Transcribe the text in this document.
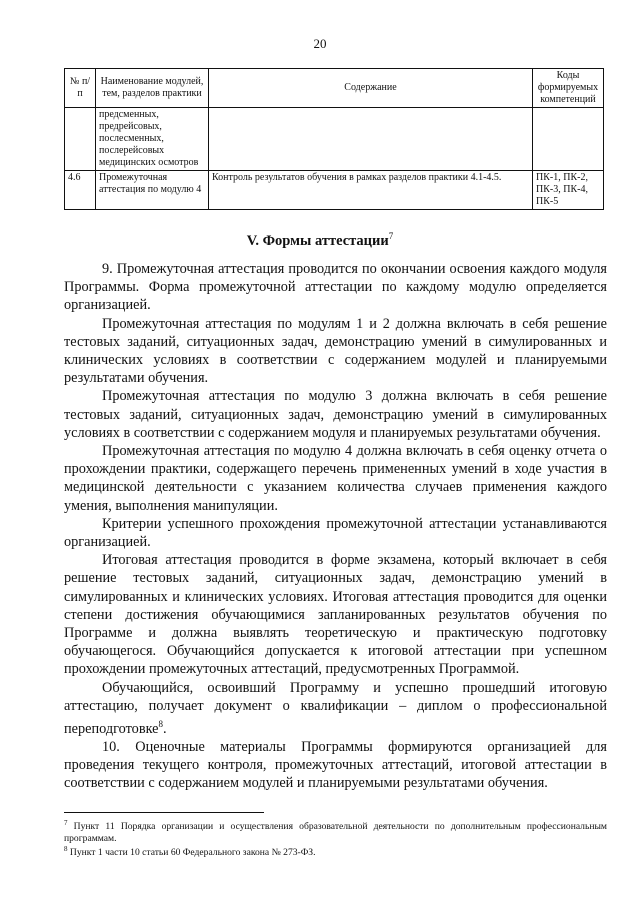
20
№ п/п	Наименование модулей, тем, разделов практики	Содержание	Коды формируемых компетенций
	предсменных, предрейсовых, послесменных, послерейсовых медицинских осмотров		
4.6	Промежуточная аттестация по модулю 4	Контроль результатов обучения в рамках разделов практики 4.1-4.5.	ПК-1, ПК-2, ПК-3, ПК-4, ПК-5
V. Формы аттестации$^7$

9. Промежуточная аттестация проводится по окончании освоения каждого модуля Программы. Форма промежуточной аттестации по каждому модулю определяется организацией.

Промежуточная аттестация по модулям 1 и 2 должна включать в себя решение тестовых заданий, ситуационных задач, демонстрацию умений в симулированных и клинических условиях в соответствии с содержанием модулей и планируемыми результатами обучения.

Промежуточная аттестация по модулю 3 должна включать в себя решение тестовых заданий, ситуационных задач, демонстрацию умений в симулированных условиях в соответствии с содержанием модуля и планируемых результатами обучения.

Промежуточная аттестация по модулю 4 должна включать в себя оценку отчета о прохождении практики, содержащего перечень примененных умений в ходе участия в медицинской деятельности с указанием количества случаев применения каждого умения, выполнения манипуляции.

Критерии успешного прохождения промежуточной аттестации устанавливаются организацией.

Итоговая аттестация проводится в форме экзамена, который включает в себя решение тестовых заданий, ситуационных задач, демонстрацию умений в симулированных и клинических условиях. Итоговая аттестация проводится для оценки степени достижения обучающимися запланированных результатов обучения по Программе и должна выявлять теоретическую и практическую подготовку обучающегося. Обучающийся допускается к итоговой аттестации при успешном прохождении промежуточных аттестаций, предусмотренных Программой.

Обучающийся, освоивший Программу и успешно прошедший итоговую аттестацию, получает документ о квалификации – диплом о профессиональной переподготовке$^8$.

10. Оценочные материалы Программы формируются организацией для проведения текущего контроля, промежуточных аттестаций, итоговой аттестации в соответствии с содержанием модулей и планируемыми результатами обучения.

$^7$ Пункт 11 Порядка организации и осуществления образовательной деятельности по дополнительным профессиональным программам.

$^8$ Пункт 1 части 10 статьи 60 Федерального закона № 273-ФЗ.
